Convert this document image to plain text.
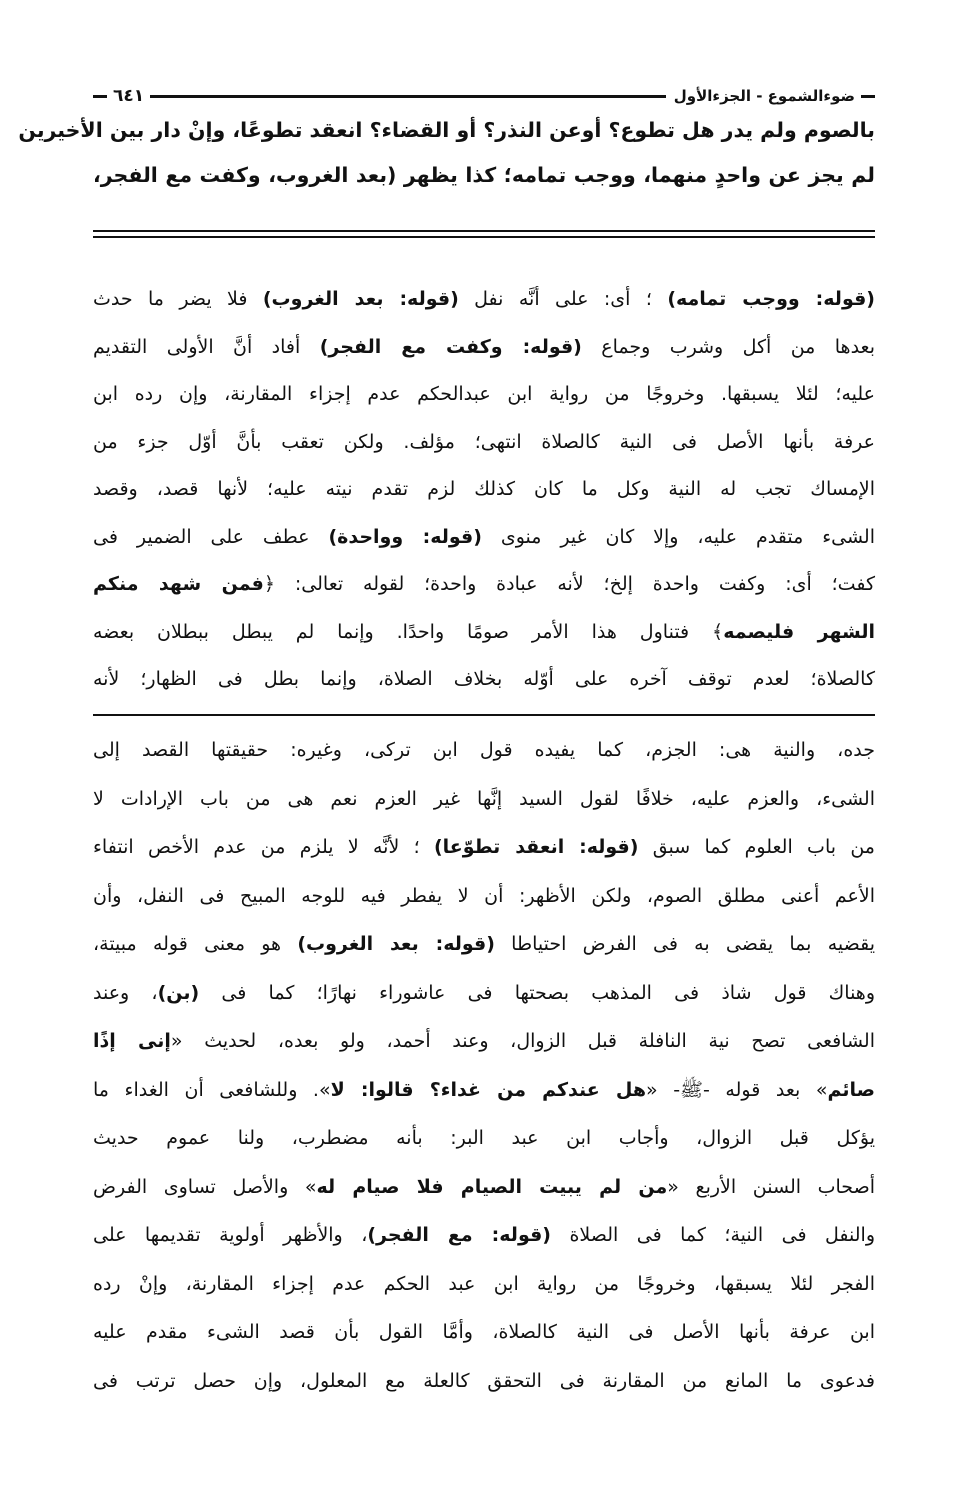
ضوءالشموع - الجزءالأول
٦٤١
بالصوم ولم يدر هل تطوع؟ أوعن النذر؟ أو القضاء؟ انعقد تطوعًا، وإنْ دار بين الأخيرين
لم يجز عن واحدٍ منهما، ووجب تمامه؛ كذا يظهر (بعد الغروب، وكفت مع الفجر،
(قوله: ووجب تمامه) ؛ أى: على أنَّه نفل (قوله: بعد الغروب) فلا يضر ما حدث
بعدها من أكل وشرب وجماع (قوله: وكفت مع الفجر) أفاد أنَّ الأولى التقديم
عليه؛ لئلا يسبقها. وخروجًا من رواية ابن عبدالحكم عدم إجزاء المقارنة، وإن رده ابن
عرفة بأنها الأصل فى النية كالصلاة انتهى؛ مؤلف. ولكن تعقب بأنَّ أوّل جزء من
الإمساك تجب له النية وكل ما كان كذلك لزم تقدم نيته عليه؛ لأنها قصد، وقصد
الشىء متقدم عليه، وإلا كان غير منوى (قوله: وواحدة) عطف على الضمير فى
كفت؛ أى: وكفت واحدة إلخ؛ لأنه عبادة واحدة؛ لقوله تعالى: ﴿فمن شهد منكم
الشهر فليصمه﴾ فتناول هذا الأمر صومًا واحدًا. وإنما لم يبطل ببطلان بعضه
كالصلاة؛ لعدم توقف آخره على أوّله بخلاف الصلاة، وإنما بطل فى الظهار؛ لأنه
جده، والنية هى: الجزم، كما يفيده قول ابن تركى، وغيره: حقيقتها القصد إلى
الشىء، والعزم عليه، خلافًا لقول السيد إنَّها غير العزم نعم هى من باب الإرادات لا
من باب العلوم كما سبق (قوله: انعقد تطوّعا) ؛ لأنَّه لا يلزم من عدم الأخص انتفاء
الأعم أعنى مطلق الصوم، ولكن الأظهر: أن لا يفطر فيه للوجه المبيح فى النفل، وأن
يقضيه بما يقضى به فى الفرض احتياطا (قوله: بعد الغروب) هو معنى قوله مبيتة،
وهناك قول شاذ فى المذهب بصحتها فى عاشوراء نهارًا؛ كما فى (بن)، وعند
الشافعى تصح نية النافلة قبل الزوال، وعند أحمد، ولو بعده، لحديث «إنى إذًا
صائم» بعد قوله -ﷺ- «هل عندكم من غداء؟ قالوا: لا». وللشافعى أن الغداء ما
يؤكل قبل الزوال، وأجاب ابن عبد البر: بأنه مضطرب، ولنا عموم حديث
أصحاب السنن الأربع «من لم يبيت الصيام فلا صيام له» والأصل تساوى الفرض
والنفل فى النية؛ كما فى الصلاة (قوله: مع الفجر)، والأظهر أولوية تقديمها على
الفجر لئلا يسبقها، وخروجًا من رواية ابن عبد الحكم عدم إجزاء المقارنة، وإنْ رده
ابن عرفة بأنها الأصل فى النية كالصلاة، وأمَّا القول بأن قصد الشىء مقدم عليه
فدعوى ما المانع من المقارنة فى التحقق كالعلة مع المعلول، وإن حصل ترتب فى
